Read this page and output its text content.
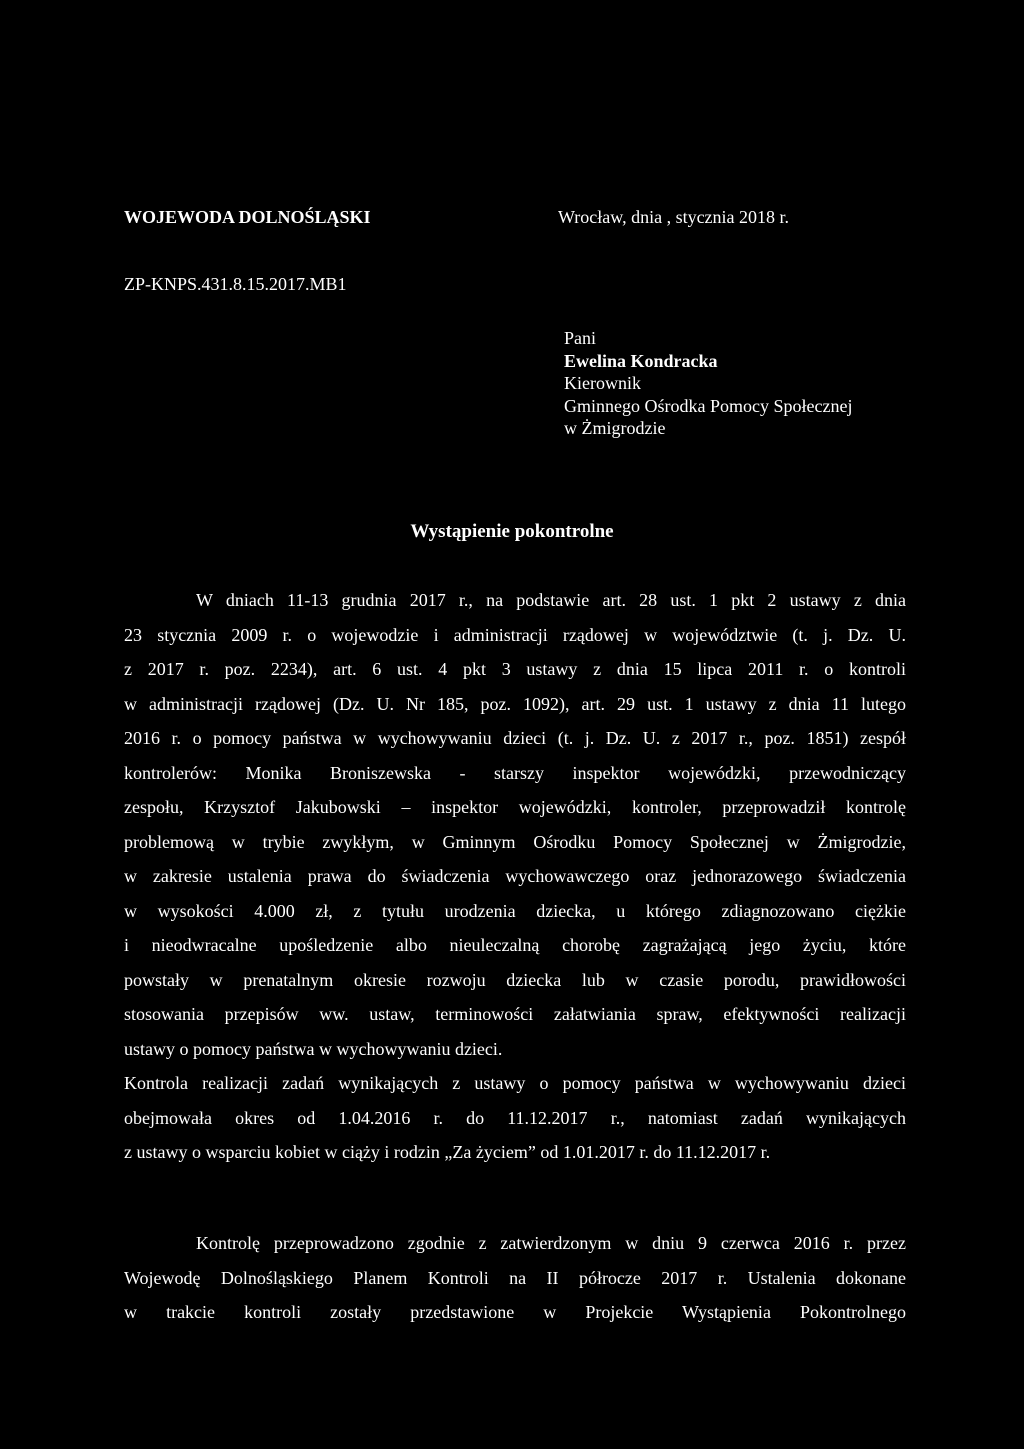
WOJEWODA DOLNOŚLĄSKI	Wrocław, dnia , stycznia 2018 r.
ZP-KNPS.431.8.15.2017.MB1
Pani
Ewelina Kondracka
Kierownik
Gminnego Ośrodka Pomocy Społecznej
w Żmigrodzie
Wystąpienie pokontrolne
W dniach 11-13 grudnia 2017 r., na podstawie art. 28 ust. 1 pkt 2 ustawy z dnia
23 stycznia 2009 r. o wojewodzie i administracji rządowej w województwie (t. j. Dz. U.
z 2017 r. poz. 2234), art. 6 ust. 4 pkt 3 ustawy z dnia 15 lipca 2011 r. o kontroli
w administracji rządowej (Dz. U. Nr 185, poz. 1092), art. 29 ust. 1 ustawy z dnia 11 lutego
2016 r. o pomocy państwa w wychowywaniu dzieci (t. j. Dz. U. z 2017 r., poz. 1851) zespół
kontrolerów: Monika Broniszewska - starszy inspektor wojewódzki, przewodniczący
zespołu, Krzysztof Jakubowski – inspektor wojewódzki, kontroler, przeprowadził kontrolę
problemową w trybie zwykłym, w Gminnym Ośrodku Pomocy Społecznej w Żmigrodzie,
w zakresie ustalenia prawa do świadczenia wychowawczego oraz jednorazowego świadczenia
w wysokości 4.000 zł, z tytułu urodzenia dziecka, u którego zdiagnozowano ciężkie
i nieodwracalne upośledzenie albo nieuleczalną chorobę zagrażającą jego życiu, które
powstały w prenatalnym okresie rozwoju dziecka lub w czasie porodu, prawidłowości
stosowania przepisów ww. ustaw, terminowości załatwiania spraw, efektywności realizacji
ustawy o pomocy państwa w wychowywaniu dzieci.
Kontrola realizacji zadań wynikających z ustawy o pomocy państwa w wychowywaniu dzieci
obejmowała okres od 1.04.2016 r. do 11.12.2017 r., natomiast zadań wynikających
z ustawy o wsparciu kobiet w ciąży i rodzin „Za życiem” od 1.01.2017 r. do 11.12.2017 r.
Kontrolę przeprowadzono zgodnie z zatwierdzonym w dniu 9 czerwca 2016 r. przez
Wojewodę Dolnośląskiego Planem Kontroli na II półrocze 2017 r. Ustalenia dokonane
w trakcie kontroli zostały przedstawione w Projekcie Wystąpienia Pokontrolnego
